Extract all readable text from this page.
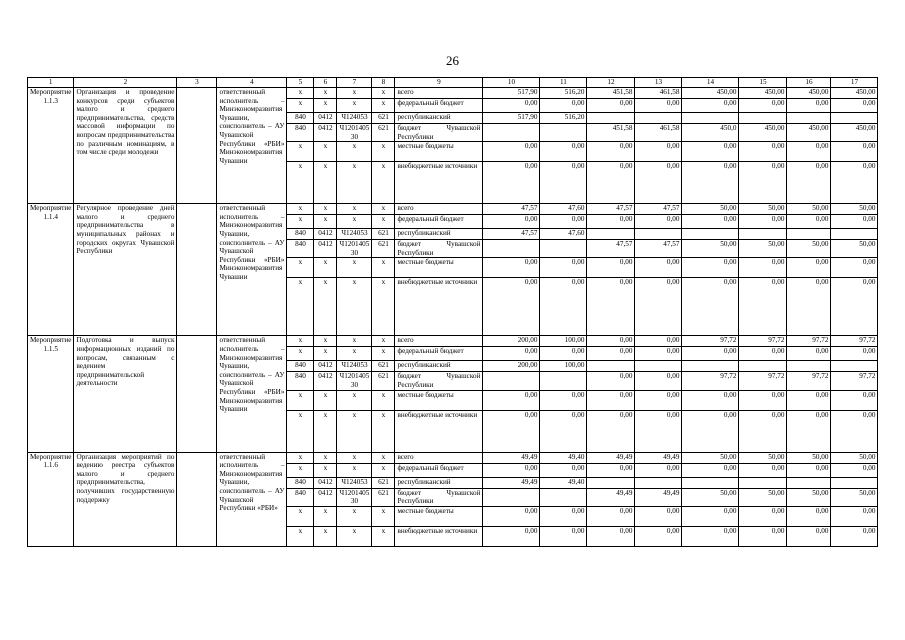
26
1	2	3	4	5	6	7	8	9	10	11	12	13	14	15	16	17
Мероприятие 1.1.3	Организация и проведение конкурсов среди субъектов малого и среднего предпринимательства, средств массовой информации по вопросам предпринимательства по различным номинациям, в том числе среди молодежи		ответственный исполнитель – Минэкономразвития Чувашии, соисполнитель – АУ Чувашской Республики «РБИ» Минэкономразвития Чувашии	x	x	x	x	всего	517,90	516,20	451,58	461,58	450,00	450,00	450,00	450,00
				x	x	x	x	федеральный бюджет	0,00	0,00	0,00	0,00	0,00	0,00	0,00	0,00
				840	0412	Ч124053	621	республиканский	517,90	516,20						
				840	0412	Ч1201405 30	621	бюджет Чувашской Республики			451,58	461,58	450,0	450,00	450,00	450,00
				x	x	x	x	местные бюджеты	0,00	0,00	0,00	0,00	0,00	0,00	0,00	0,00
				x	x	x	x	внебюджетные источники	0,00	0,00	0,00	0,00	0,00	0,00	0,00	0,00
Мероприятие 1.1.4	Регулярное проведение дней малого и среднего предпринимательства в муниципальных районах и городских округах Чувашской Республики		ответственный исполнитель – Минэкономразвития Чувашии, соисполнитель – АУ Чувашской Республики «РБИ» Минэкономразвития Чувашии	x	x	x	x	всего	47,57	47,60	47,57	47,57	50,00	50,00	50,00	50,00
				x	x	x	x	федеральный бюджет	0,00	0,00	0,00	0,00	0,00	0,00	0,00	0,00
				840	0412	Ч124053	621	республиканский	47,57	47,60						
				840	0412	Ч1201405 30	621	бюджет Чувашской Республики			47,57	47,57	50,00	50,00	50,00	50,00
				x	x	x	x	местные бюджеты	0,00	0,00	0,00	0,00	0,00	0,00	0,00	0,00
				x	x	x	x	внебюджетные источники	0,00	0,00	0,00	0,00	0,00	0,00	0,00	0,00
Мероприятие 1.1.5	Подготовка и выпуск информационных изданий по вопросам, связанным с ведением предпринимательской деятельности		ответственный исполнитель – Минэкономразвития Чувашии, соисполнитель – АУ Чувашской Республики «РБИ» Минэкономразвития Чувашии	x	x	x	x	всего	200,00	100,00	0,00	0,00	97,72	97,72	97,72	97,72
				x	x	x	x	федеральный бюджет	0,00	0,00	0,00	0,00	0,00	0,00	0,00	0,00
				840	0412	Ч124053	621	республиканский	200,00	100,00						
				840	0412	Ч1201405 30	621	бюджет Чувашской Республики			0,00	0,00	97,72	97,72	97,72	97,72
				x	x	x	x	местные бюджеты	0,00	0,00	0,00	0,00	0,00	0,00	0,00	0,00
				x	x	x	x	внебюджетные источники	0,00	0,00	0,00	0,00	0,00	0,00	0,00	0,00
Мероприятие 1.1.6	Организация мероприятий по ведению реестра субъектов малого и среднего предпринимательства, получивших государственную поддержку		ответственный исполнитель – Минэкономразвития Чувашии, соисполнитель – АУ Чувашской Республики «РБИ»	x	x	x	x	всего	49,49	49,40	49,49	49,49	50,00	50,00	50,00	50,00
				x	x	x	x	федеральный бюджет	0,00	0,00	0,00	0,00	0,00	0,00	0,00	0,00
				840	0412	Ч124053	621	республиканский	49,49	49,40						
				840	0412	Ч1201405 30	621	бюджет Чувашской Республики			49,49	49,49	50,00	50,00	50,00	50,00
				x	x	x	x	местные бюджеты	0,00	0,00	0,00	0,00	0,00	0,00	0,00	0,00
				x	x	x	x	внебюджетные источники	0,00	0,00	0,00	0,00	0,00	0,00	0,00	0,00
